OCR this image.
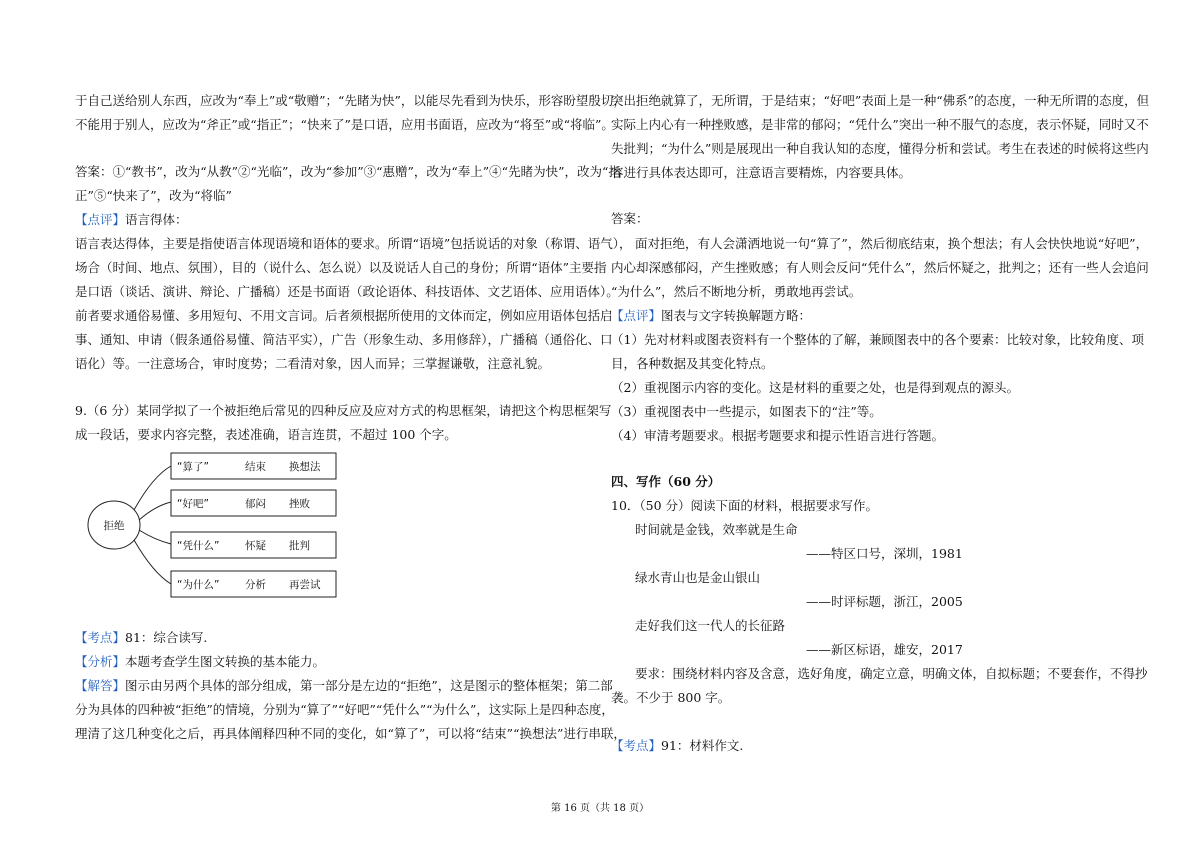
于自己送给别人东西，应改为“奉上”或“敬赠”；“先睹为快”，以能尽先看到为快乐，形容盼望殷切，
不能用于别人，应改为“斧正”或“指正”；“快来了”是口语，应用书面语，应改为“将至”或“将临”。
答案：①“教书”，改为“从教”②“光临”，改为“参加”③“惠赠”，改为“奉上”④“先睹为快”，改为“指
正”⑤“快来了”，改为“将临”
【点评】语言得体：
语言表达得体，主要是指使语言体现语境和语体的要求。所谓“语境”包括说话的对象（称谓、语气），
场合（时间、地点、氛围），目的（说什么、怎么说）以及说话人自己的身份；所谓“语体”主要指
是口语（谈话、演讲、辩论、广播稿）还是书面语（政论语体、科技语体、文艺语体、应用语体）。
前者要求通俗易懂、多用短句、不用文言词。后者须根据所使用的文体而定，例如应用语体包括启
事、通知、申请（假条通俗易懂、简洁平实），广告（形象生动、多用修辞），广播稿（通俗化、口
语化）等。一注意场合，审时度势；二看清对象，因人而异；三掌握谦敬，注意礼貌。
9.（6 分）某同学拟了一个被拒绝后常见的四种反应及应对方式的构思框架，请把这个构思框架写
成一段话，要求内容完整，表述准确，语言连贯，不超过 100 个字。
【考点】81：综合读写.
【分析】本题考查学生图文转换的基本能力。
【解答】图示由另两个具体的部分组成，第一部分是左边的“拒绝”，这是图示的整体框架；第二部
分为具体的四种被“拒绝”的情境，分别为“算了”“好吧”“凭什么”“为什么”，这实际上是四种态度，
理清了这几种变化之后，再具体阐释四种不同的变化，如“算了”，可以将“结束”“换想法”进行串联，
拒绝
“算了”	结束 换想法
“好吧”	郁闷 挫败
“凭什么” 怀疑 批判
“为什么” 分析 再尝试
突出拒绝就算了，无所谓，于是结束；“好吧”表面上是一种“佛系”的态度，一种无所谓的态度，但
实际上内心有一种挫败感，是非常的郁闷；“凭什么”突出一种不服气的态度，表示怀疑，同时又不
失批判；“为什么”则是展现出一种自我认知的态度，懂得分析和尝试。考生在表述的时候将这些内
容进行具体表达即可，注意语言要精炼，内容要具体。
答案：
面对拒绝，有人会潇洒地说一句“算了”，然后彻底结束，换个想法；有人会快快地说“好吧”，
内心却深感郁闷，产生挫败感；有人则会反问“凭什么”，然后怀疑之，批判之；还有一些人会追问
“为什么”，然后不断地分析，勇敢地再尝试。
【点评】图表与文字转换解题方略：
（1）先对材料或图表资料有一个整体的了解，兼顾图表中的各个要素：比较对象，比较角度、项
目，各种数据及其变化特点。
（2）重视图示内容的变化。这是材料的重要之处，也是得到观点的源头。
（3）重视图表中一些提示，如图表下的“注”等。
（4）审清考题要求。根据考题要求和提示性语言进行答题。
四、写作（60 分）
10．（50 分）阅读下面的材料，根据要求写作。
时间就是金钱，效率就是生命
——特区口号，深圳，1981
绿水青山也是金山银山
——时评标题，浙江，2005
走好我们这一代人的长征路
——新区标语，雄安，2017
要求：围绕材料内容及含意，选好角度，确定立意，明确文体，自拟标题；不要套作，不得抄
袭。不少于 800 字。
【考点】91：材料作文.
第 16 页（共 18 页）
